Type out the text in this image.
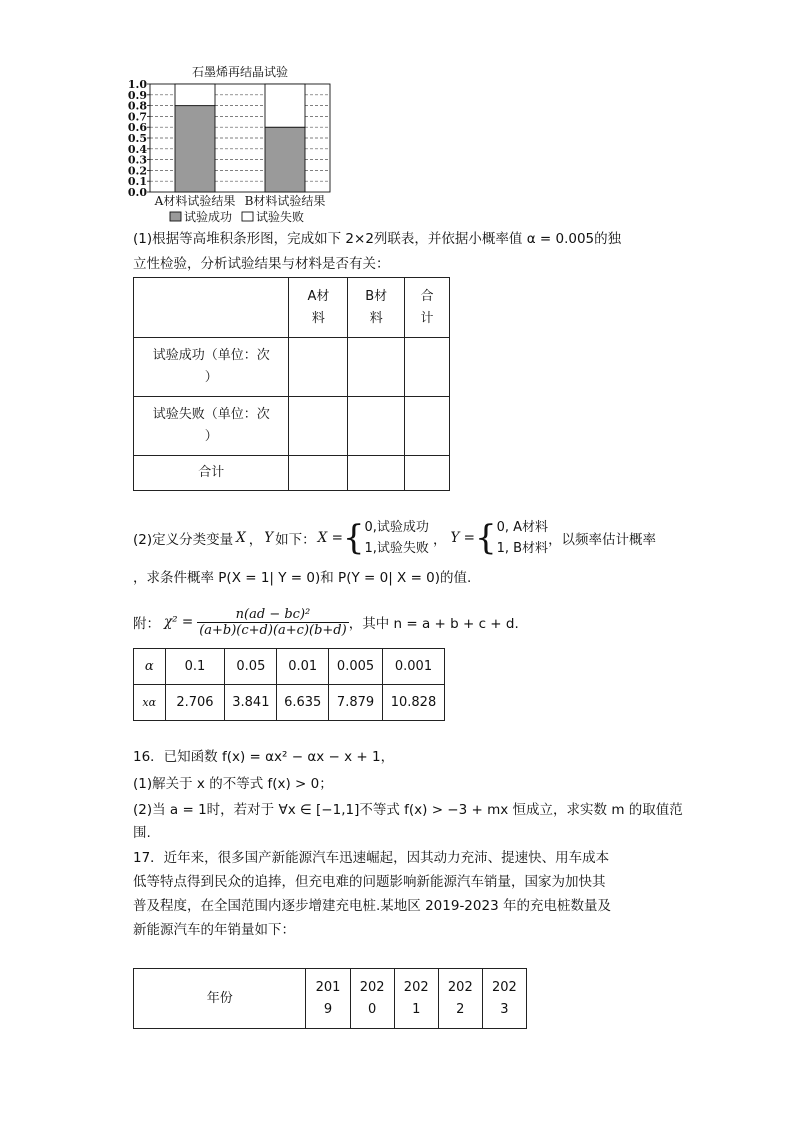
石墨烯再结晶试验
1.0
0.9
0.8
0.7
0.6
0.5
0.4
0.3
0.2
0.1
0.0
A材料试验结果 B材料试验结果
试验成功 试验失败
(1)根据等高堆积条形图，完成如下 2×2列联表，并依据小概率值 α = 0.005的独
立性检验，分析试验结果与材料是否有关：
	A材
料	B材
料	合
计
试验成功（单位：次
）			
试验失败（单位：次
）			
合计			
(2)定义分类变量 X ， Y 如下： X = { 0,试验成功
1,试验失败
， Y = { 0, A材料
1, B材料
，以频率估计概率
，求条件概率 P(X = 1| Y = 0)和 P(Y = 0| X = 0)的值.
附： $\chi^2 = \frac{\text{n(ad − bc)²}}{(a+b)(c+d)(a+c)(b+d)}$ ，其中 n = a + b + c + d.
α	0.1	0.05	0.01	0.005	0.001
xα	2.706	3.841	6.635	7.879	10.828
16．已知函数 f(x) = αx² − αx − x + 1，
(1)解关于 x 的不等式 f(x) > 0；
(2)当 a = 1时，若对于 ∀x ∈ [−1,1]不等式 f(x) > −3 + mx 恒成立，求实数 m 的取值范
围.
17．近年来，很多国产新能源汽车迅速崛起，因其动力充沛、提速快、用车成本
低等特点得到民众的追捧，但充电难的问题影响新能源汽车销量，国家为加快其
普及程度，在全国范围内逐步增建充电桩.某地区 2019-2023 年的充电桩数量及
新能源汽车的年销量如下：
年份	201
9	202
0	202
1	202
2	202
3
